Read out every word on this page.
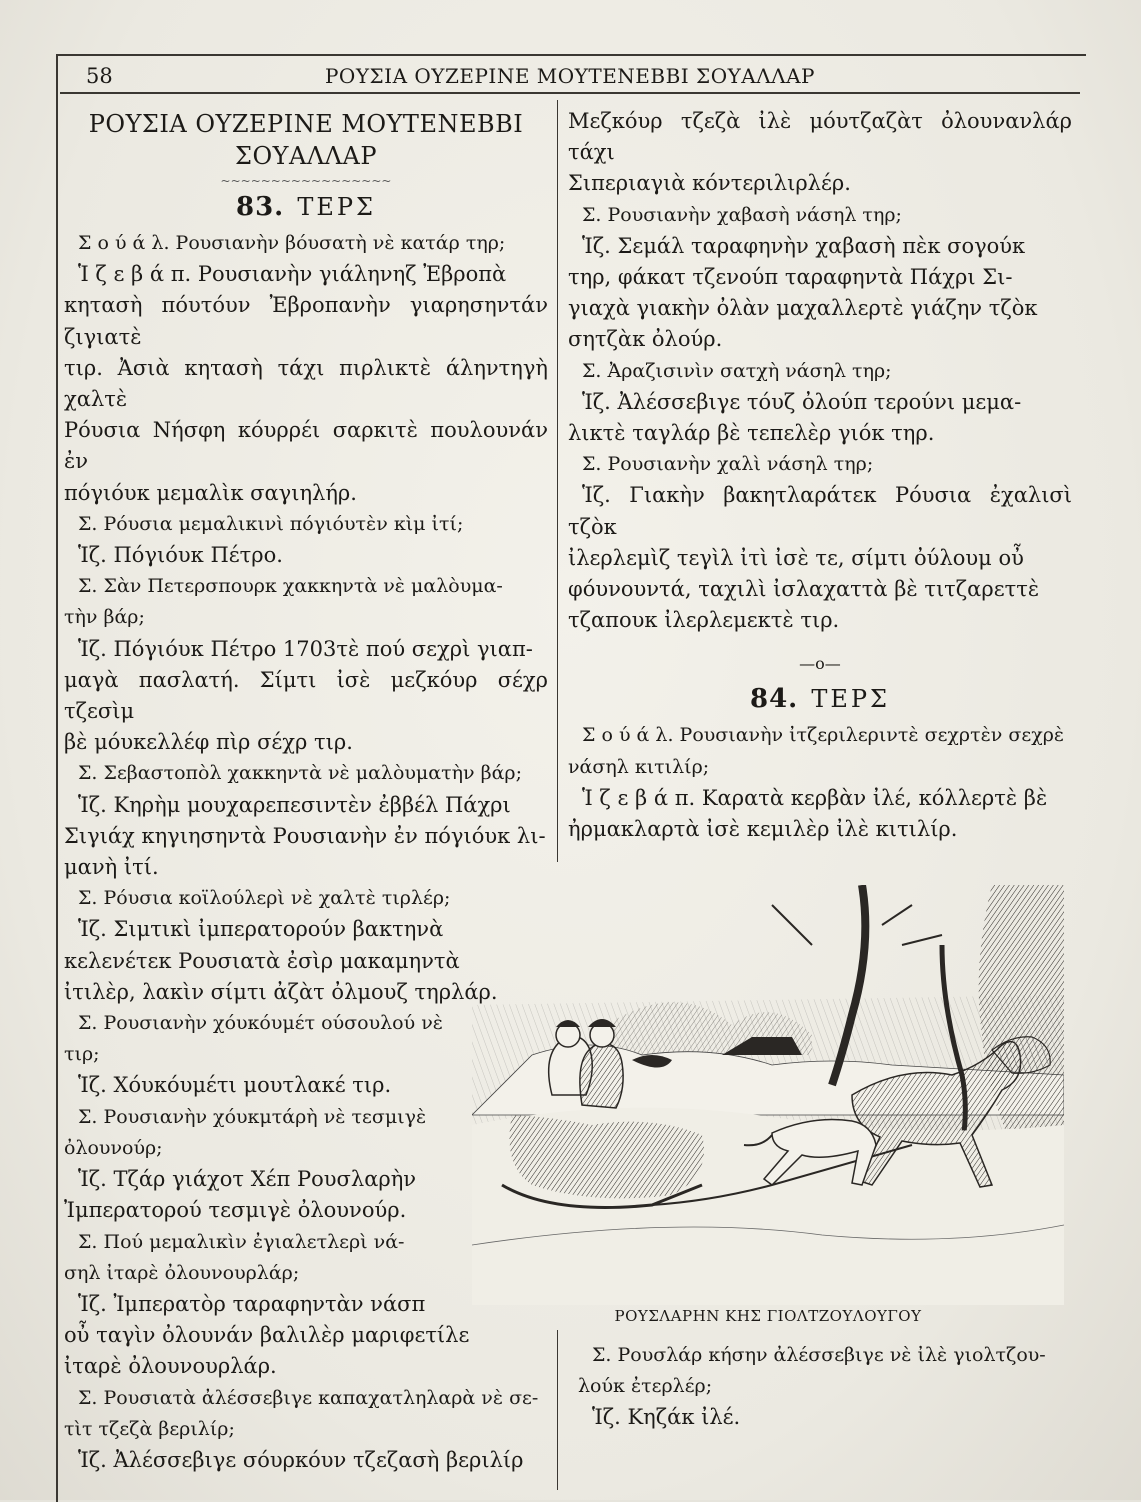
58	ΡΟΥΣΙΑ ΟΥΖΕΡΙΝΕ ΜΟΥΤΕΝΕΒΒΙ ΣΟΥΑΛΛΑΡ
ΡΟΥΣΙΑ ΟΥΖΕΡΙΝΕ ΜΟΥΤΕΝΕΒΒΙ
ΣΟΥΑΛΛΑΡ
~~~~~~~~~~~~~~~~~
83. ΤΕΡΣ

Σ ο ύ ά λ. Ρουσιανὴν βόυσατὴ νὲ κατάρ τηρ;

Ἱ ζ ε β ά π. Ρουσιανὴν γιάληνηζ Ἐβροπὰ

κητασὴ πόυτόυν Ἐβροπανὴν γιαρησηντάν ζιγιατὲ

τιρ. Ἀσιὰ κητασὴ τάχι πιρλικτὲ άληντηγὴ χαλτὲ

Ρόυσια Νήσφη κόυρρέι σαρκιτὲ πουλουνάν ἐν

πόγιόυκ μεμαλὶκ σαγιηλήρ.

Σ. Ρόυσια μεμαλικινὶ πόγιόυτὲν κὶμ ἰτί;

Ἱζ. Πόγιόυκ Πέτρο.

Σ. Σὰν Πετερσπουρκ χακκηντὰ νὲ μαλὸυμα-

τὴν βάρ;

Ἱζ. Πόγιόυκ Πέτρο 1703τὲ πού σεχρὶ γιαπ-

μαγὰ πασλατή. Σίμτι ἰσὲ μεζκόυρ σέχρ τζεσὶμ

βὲ μόυκελλέφ πὶρ σέχρ τιρ.

Σ. Σεβαστοπὸλ χακκηντὰ νὲ μαλὸυματὴν βάρ;

Ἱζ. Κηρὴμ μουχαρεπεσιντὲν ἐββέλ Πάχρι

Σιγιάχ κηγιησηντὰ Ρουσιανὴν ἐν πόγιόυκ λι-

μανὴ ἰτί.

Σ. Ρόυσια κοϊλούλερὶ νὲ χαλτὲ τιρλέρ;

Ἱζ. Σιμτικὶ ἰμπερατορούν βακτηνὰ

κελενέτεκ Ρουσιατὰ ἐσὶρ μακαμηντὰ

ἰτιλὲρ, λακὶν σίμτι ἀζὰτ ὀλμουζ τηρλάρ.

Σ. Ρουσιανὴν χόυκόυμέτ ούσουλού νὲ

τιρ;

Ἱζ. Χόυκόυμέτι μουτλακέ τιρ.

Σ. Ρουσιανὴν χόυκμτάρὴ νὲ τεσμιγὲ

ὀλουνούρ;

Ἱζ. Τζάρ γιάχοτ Χέπ Ρουσλαρὴν

Ἰμπερατορού τεσμιγὲ ὀλουνούρ.

Σ. Πού μεμαλικὶν ἐγιαλετλερὶ νά-

σηλ ἰταρὲ ὀλουνουρλάρ;

Ἱζ. Ἰμπερατὸρ ταραφηντὰν νάσπ

οὖ ταγὶν ὀλουνάν βαλιλὲρ μαριφετίλε

ἰταρὲ ὀλουνουρλάρ.

Σ. Ρουσιατὰ ἀλέσσεβιγε καπαχατληλαρὰ νὲ σε-

τὶτ τζεζὰ βεριλίρ;

Ἱζ. Ἀλέσσεβιγε σόυρκόυν τζεζασὴ βεριλίρ

Μεζκόυρ τζεζὰ ἰλὲ μόυτζαζὰτ ὀλουνανλάρ τάχι

Σιπεριαγιὰ κόντεριλιρλέρ.

Σ. Ρουσιανὴν χαβασὴ νάσηλ τηρ;

Ἱζ. Σεμάλ ταραφηνὴν χαβασὴ πὲκ σογούκ

τηρ, φάκατ τζενούπ ταραφηντὰ Πάχρι Σι-

γιαχὰ γιακὴν ὀλὰν μαχαλλερτὲ γιάζην τζὸκ

σητζὰκ ὀλούρ.

Σ. Ἀραζισινὶν σατχὴ νάσηλ τηρ;

Ἱζ. Ἀλέσσεβιγε τόυζ ὀλούπ τερούνι μεμα-

λικτὲ ταγλάρ βὲ τεπελὲρ γιόκ τηρ.

Σ. Ρουσιανὴν χαλὶ νάσηλ τηρ;

Ἱζ. Γιακὴν βακητλαράτεκ Ρόυσια ἐχαλισὶ τζὸκ

ἰλερλεμὶζ τεγὶλ ἰτὶ ἰσὲ τε, σίμτι ὀύλουμ οὖ

φόυνουντά, ταχιλὶ ἰσλαχαττὰ βὲ τιτζαρεττὲ

τζαπουκ ἰλερλεμεκτὲ τιρ.

—o—
84. ΤΕΡΣ

Σ ο ύ ά λ. Ρουσιανὴν ἰτζεριλεριντὲ σεχρτὲν σεχρὲ

νάσηλ κιτιλίρ;

Ἱ ζ ε β ά π. Καρατὰ κερβὰν ἰλέ, κόλλερτὲ βὲ

ἠρμακλαρτὰ ἰσὲ κεμιλὲρ ἰλὲ κιτιλίρ.

ΡΟΥΣΛΑΡΗΝ ΚΗΣ ΓΙΟΛΤΖΟΥΛΟΥΓΟΥ

Σ. Ρουσλάρ κήσην ἀλέσσεβιγε νὲ ἰλὲ γιολτζου-

λούκ ἐτερλέρ;

Ἱζ. Κηζάκ ἰλέ.
